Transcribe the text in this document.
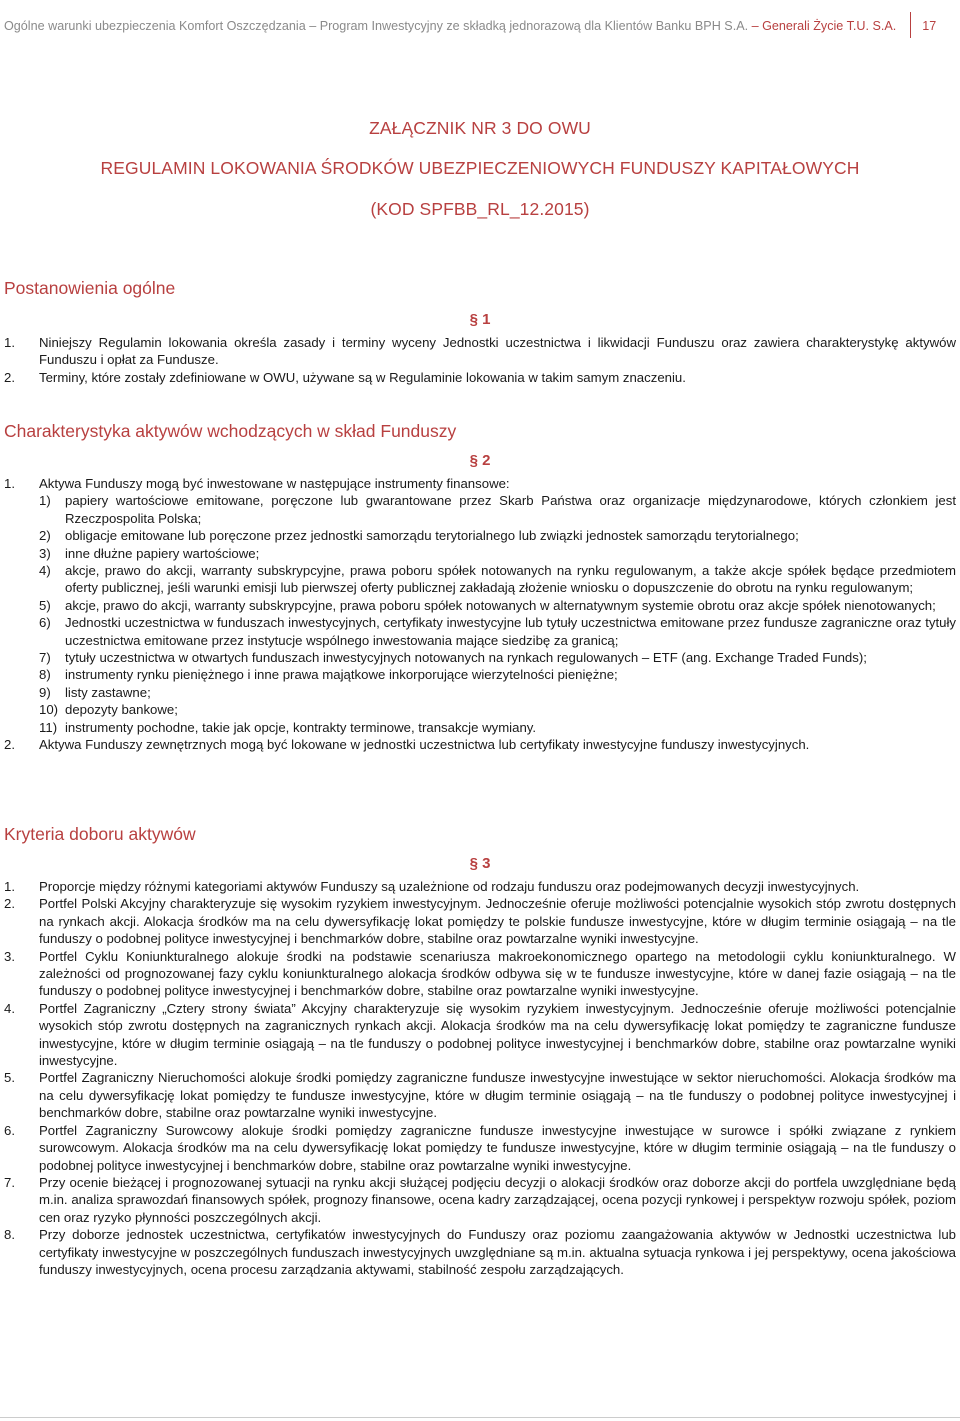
Ogólne warunki ubezpieczenia Komfort Oszczędzania – Program Inwestycyjny ze składką jednorazową dla Klientów Banku BPH S.A. – Generali Życie T.U. S.A. 17
ZAŁĄCZNIK NR 3 DO OWU
REGULAMIN LOKOWANIA ŚRODKÓW UBEZPIECZENIOWYCH FUNDUSZY KAPITAŁOWYCH
(KOD SPFBB_RL_12.2015)
Postanowienia ogólne
§ 1
1. Niniejszy Regulamin lokowania określa zasady i terminy wyceny Jednostki uczestnictwa i likwidacji Funduszu oraz zawiera charakterystykę aktywów Funduszu i opłat za Fundusze.
2. Terminy, które zostały zdefiniowane w OWU, używane są w Regulaminie lokowania w takim samym znaczeniu.
Charakterystyka aktywów wchodzących w skład Funduszy
§ 2
1. Aktywa Funduszy mogą być inwestowane w następujące instrumenty finansowe:
1) papiery wartościowe emitowane, poręczone lub gwarantowane przez Skarb Państwa oraz organizacje międzynarodowe, których członkiem jest Rzeczpospolita Polska;
2) obligacje emitowane lub poręczone przez jednostki samorządu terytorialnego lub związki jednostek samorządu terytorialnego;
3) inne dłużne papiery wartościowe;
4) akcje, prawo do akcji, warranty subskrypcyjne, prawa poboru spółek notowanych na rynku regulowanym, a także akcje spółek będące przedmiotem oferty publicznej, jeśli warunki emisji lub pierwszej oferty publicznej zakładają złożenie wniosku o dopuszczenie do obrotu na rynku regulowanym;
5) akcje, prawo do akcji, warranty subskrypcyjne, prawa poboru spółek notowanych w alternatywnym systemie obrotu oraz akcje spółek nienotowanych;
6) Jednostki uczestnictwa w funduszach inwestycyjnych, certyfikaty inwestycyjne lub tytuły uczestnictwa emitowane przez fundusze zagraniczne oraz tytuły uczestnictwa emitowane przez instytucje wspólnego inwestowania mające siedzibę za granicą;
7) tytuły uczestnictwa w otwartych funduszach inwestycyjnych notowanych na rynkach regulowanych – ETF (ang. Exchange Traded Funds);
8) instrumenty rynku pieniężnego i inne prawa majątkowe inkorporujące wierzytelności pieniężne;
9) listy zastawne;
10) depozyty bankowe;
11) instrumenty pochodne, takie jak opcje, kontrakty terminowe, transakcje wymiany.
2. Aktywa Funduszy zewnętrznych mogą być lokowane w jednostki uczestnictwa lub certyfikaty inwestycyjne funduszy inwestycyjnych.
Kryteria doboru aktywów
§ 3
1. Proporcje między różnymi kategoriami aktywów Funduszy są uzależnione od rodzaju funduszu oraz podejmowanych decyzji inwestycyjnych.
2. Portfel Polski Akcyjny charakteryzuje się wysokim ryzykiem inwestycyjnym. Jednocześnie oferuje możliwości potencjalnie wysokich stóp zwrotu dostępnych na rynkach akcji. Alokacja środków ma na celu dywersyfikację lokat pomiędzy te polskie fundusze inwestycyjne, które w długim terminie osiągają – na tle funduszy o podobnej polityce inwestycyjnej i benchmarków dobre, stabilne oraz powtarzalne wyniki inwestycyjne.
3. Portfel Cyklu Koniunkturalnego alokuje środki na podstawie scenariusza makroekonomicznego opartego na metodologii cyklu koniunkturalnego. W zależności od prognozowanej fazy cyklu koniunkturalnego alokacja środków odbywa się w te fundusze inwestycyjne, które w danej fazie osiągają – na tle funduszy o podobnej polityce inwestycyjnej i benchmarków dobre, stabilne oraz powtarzalne wyniki inwestycyjne.
4. Portfel Zagraniczny „Cztery strony świata” Akcyjny charakteryzuje się wysokim ryzykiem inwestycyjnym. Jednocześnie oferuje możliwości potencjalnie wysokich stóp zwrotu dostępnych na zagranicznych rynkach akcji. Alokacja środków ma na celu dywersyfikację lokat pomiędzy te zagraniczne fundusze inwestycyjne, które w długim terminie osiągają – na tle funduszy o podobnej polityce inwestycyjnej i benchmarków dobre, stabilne oraz powtarzalne wyniki inwestycyjne.
5. Portfel Zagraniczny Nieruchomości alokuje środki pomiędzy zagraniczne fundusze inwestycyjne inwestujące w sektor nieruchomości. Alokacja środków ma na celu dywersyfikację lokat pomiędzy te fundusze inwestycyjne, które w długim terminie osiągają – na tle funduszy o podobnej polityce inwestycyjnej i benchmarków dobre, stabilne oraz powtarzalne wyniki inwestycyjne.
6. Portfel Zagraniczny Surowcowy alokuje środki pomiędzy zagraniczne fundusze inwestycyjne inwestujące w surowce i spółki związane z rynkiem surowcowym. Alokacja środków ma na celu dywersyfikację lokat pomiędzy te fundusze inwestycyjne, które w długim terminie osiągają – na tle funduszy o podobnej polityce inwestycyjnej i benchmarków dobre, stabilne oraz powtarzalne wyniki inwestycyjne.
7. Przy ocenie bieżącej i prognozowanej sytuacji na rynku akcji służącej podjęciu decyzji o alokacji środków oraz doborze akcji do portfela uwzględniane będą m.in. analiza sprawozdań finansowych spółek, prognozy finansowe, ocena kadry zarządzającej, ocena pozycji rynkowej i perspektyw rozwoju spółek, poziom cen oraz ryzyko płynności poszczególnych akcji.
8. Przy doborze jednostek uczestnictwa, certyfikatów inwestycyjnych do Funduszy oraz poziomu zaangażowania aktywów w Jednostki uczestnictwa lub certyfikaty inwestycyjne w poszczególnych funduszach inwestycyjnych uwzględniane są m.in. aktualna sytuacja rynkowa i jej perspektywy, ocena jakościowa funduszy inwestycyjnych, ocena procesu zarządzania aktywami, stabilność zespołu zarządzających.
